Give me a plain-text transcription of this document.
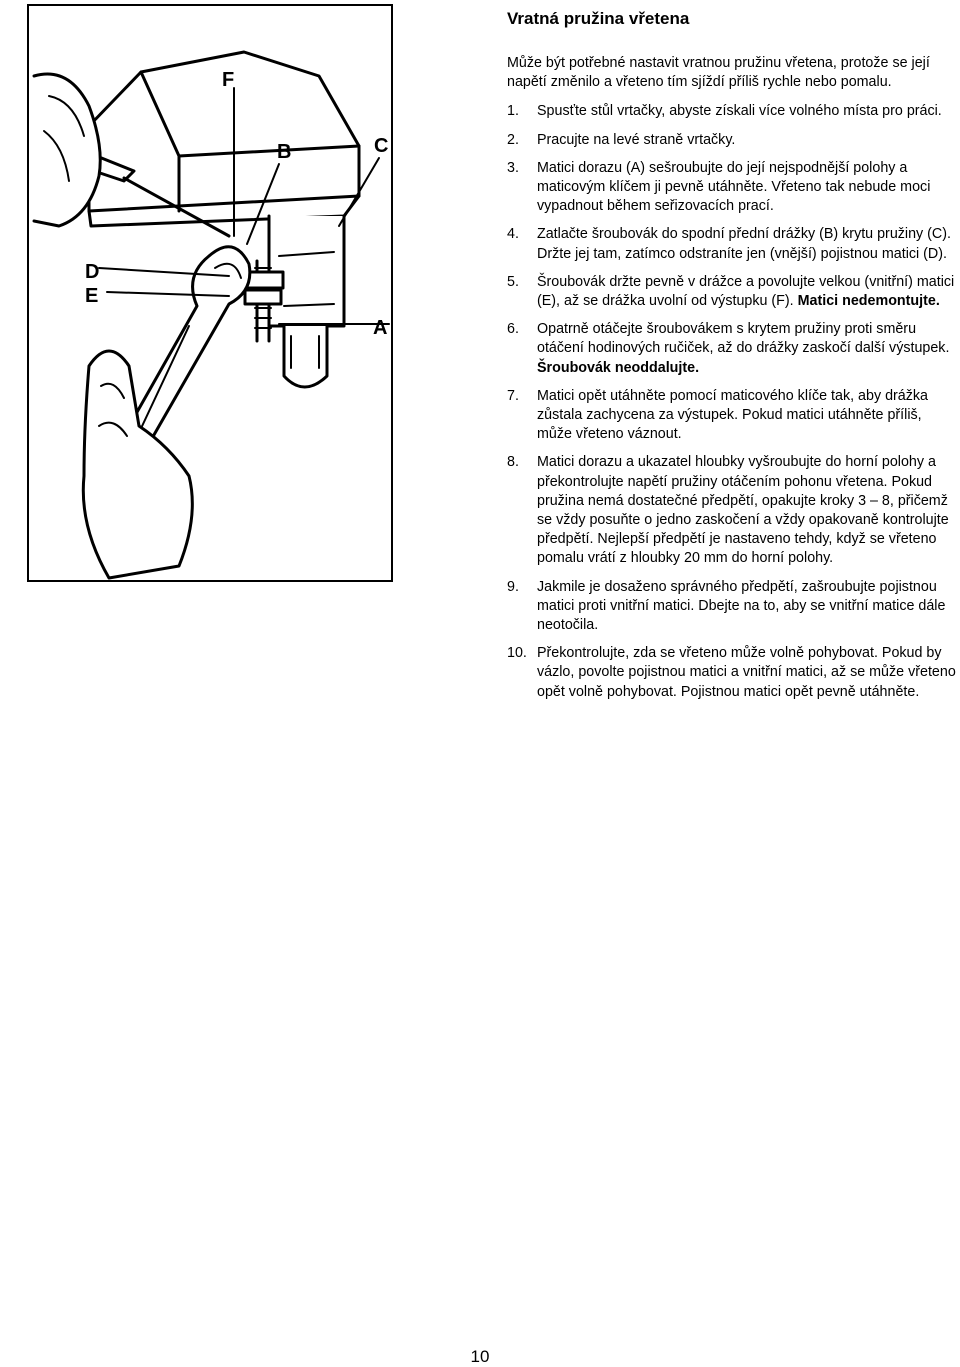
F
B	C
D
E
A
Vratná pružina vřetena

Může být potřebné nastavit vratnou pružinu vřetena, protože se její napětí změnilo a vřeteno tím sjíždí příliš rychle nebo pomalu.

1. Spusťte stůl vrtačky, abyste získali více volného místa pro práci.
2. Pracujte na levé straně vrtačky.
3. Matici dorazu (A) sešroubujte do její nejspodnější polohy a maticovým klíčem ji pevně utáhněte. Vřeteno tak nebude moci vypadnout během seřizovacích prací.
4. Zatlačte šroubovák do spodní přední drážky (B) krytu pružiny (C). Držte jej tam, zatímco odstraníte jen (vnější) pojistnou matici (D).
5. Šroubovák držte pevně v drážce a povolujte velkou (vnitřní) matici (E), až se drážka uvolní od výstupku (F). Matici nedemontujte.
6. Opatrně otáčejte šroubovákem s krytem pružiny proti směru otáčení hodinových ručiček, až do drážky zaskočí další výstupek. Šroubovák neoddalujte.
7. Matici opět utáhněte pomocí maticového klíče tak, aby drážka zůstala zachycena za výstupek. Pokud matici utáhněte příliš, může vřeteno váznout.
8. Matici dorazu a ukazatel hloubky vyšroubujte do horní polohy a překontrolujte napětí pružiny otáčením pohonu vřetena. Pokud pružina nemá dostatečné předpětí, opakujte kroky 3 – 8, přičemž se vždy posuňte o jedno zaskočení a vždy opakovaně kontrolujte předpětí. Nejlepší předpětí je nastaveno tehdy, když se vřeteno pomalu vrátí z hloubky 20 mm do horní polohy.
9. Jakmile je dosaženo správného předpětí, zašroubujte pojistnou matici proti vnitřní matici. Dbejte na to, aby se vnitřní matice dále neotočila.
10. Překontrolujte, zda se vřeteno může volně pohybovat. Pokud by vázlo, povolte pojistnou matici a vnitřní matici, až se může vřeteno opět volně pohybovat. Pojistnou matici opět pevně utáhněte.
10
